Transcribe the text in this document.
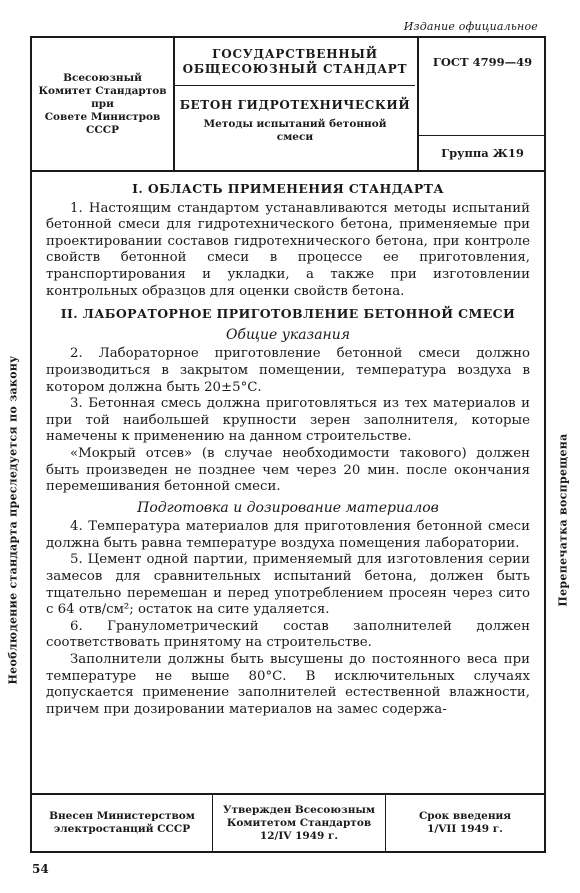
Издание официальное
Всесоюзный
Комитет Стандартов
при
Совете Министров
СССР
ГОСУДАРСТВЕННЫЙ
ОБЩЕСОЮЗНЫЙ СТАНДАРТ
БЕТОН ГИДРОТЕХНИЧЕСКИЙ
Методы испытаний бетонной
смеси
ГОСТ 4799—49
Группа Ж19
I. ОБЛАСТЬ ПРИМЕНЕНИЯ СТАНДАРТА

1. Настоящим стандартом устанавливаются методы испытаний бетонной смеси для гидротехнического бетона, применяемые при проектировании составов гидротехнического бетона, при контроле свойств бетонной смеси в процессе ее приготовления, транспортирования и укладки, а также при изготовлении контрольных образцов для оценки свойств бетона.

II. ЛАБОРАТОРНОЕ ПРИГОТОВЛЕНИЕ БЕТОННОЙ СМЕСИ
Общие указания

2. Лабораторное приготовление бетонной смеси должно производиться в закрытом помещении, температура воздуха в котором должна быть 20±5°С.

3. Бетонная смесь должна приготовляться из тех материалов и при той наибольшей крупности зерен заполнителя, которые намечены к применению на данном строительстве.

«Мокрый отсев» (в случае необходимости такового) должен быть произведен не позднее чем через 20 мин. после окончания перемешивания бетонной смеси.

Подготовка и дозирование материалов

4. Температура материалов для приготовления бетонной смеси должна быть равна температуре воздуха помещения лаборатории.

5. Цемент одной партии, применяемый для изготовления серии замесов для сравнительных испытаний бетона, должен быть тщательно перемешан и перед употреблением просеян через сито с 64 отв/см²; остаток на сите удаляется.

6. Гранулометрический состав заполнителей должен соответствовать принятому на строительстве.

Заполнители должны быть высушены до постоянного веса при температуре не выше 80°С. В исключительных случаях допускается применение заполнителей естественной влажности, причем при дозировании материалов на замес содержа-

Внесен Министерством
электростанций СССР
Утвержден Всесоюзным
Комитетом Стандартов
12/IV 1949 г.
Срок введения
1/VII 1949 г.
Необлюдение стандарта преследуется по закону	Перепечатка воспрещена
54
